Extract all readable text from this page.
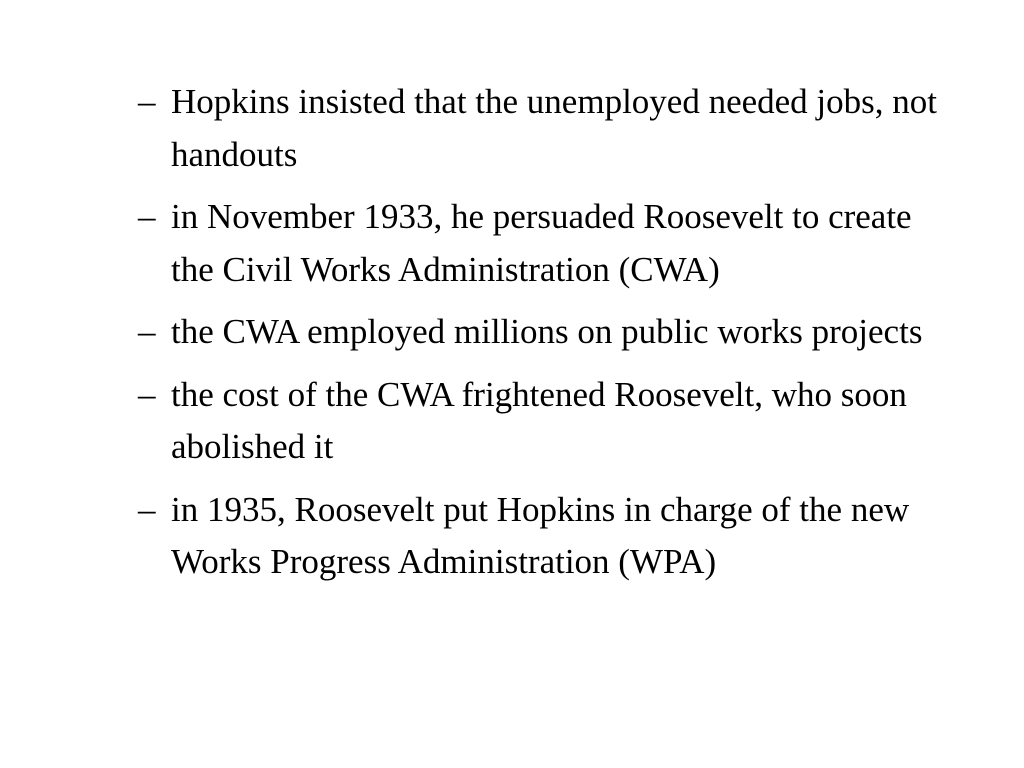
– Hopkins insisted that the unemployed needed jobs, not handouts
– in November 1933, he persuaded Roosevelt to create the Civil Works Administration (CWA)
– the CWA employed millions on public works projects
– the cost of the CWA frightened Roosevelt, who soon abolished it
– in 1935, Roosevelt put Hopkins in charge of the new Works Progress Administration (WPA)
